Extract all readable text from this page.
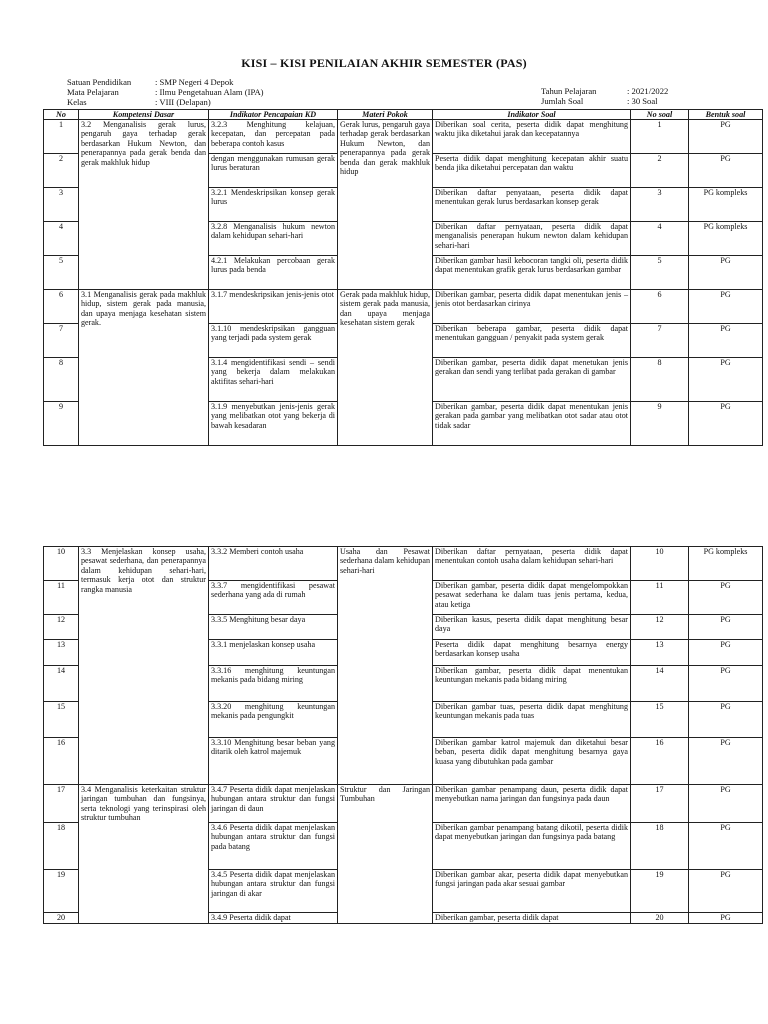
KISI – KISI PENILAIAN AKHIR SEMESTER (PAS)
Satuan Pendidikan	: SMP Negeri 4 Depok
Mata Pelajaran	: Ilmu Pengetahuan Alam (IPA)
Kelas	: VIII (Delapan)
Tahun Pelajaran	: 2021/2022
Jumlah Soal	: 30 Soal
No	Kompetensi Dasar	Indikator Pencapaian KD	Materi Pokok	Indikator Soal	No soal	Bentuk soal
1	3.2 Menganalisis gerak lurus, pengaruh gaya terhadap gerak berdasarkan Hukum Newton, dan penerapannya pada gerak benda dan gerak makhluk hidup	3.2.3 Menghitung kelajuan, kecepatan, dan percepatan pada beberapa contoh kasus	Gerak lurus, pengaruh gaya terhadap gerak berdasarkan Hukum Newton, dan penerapannya pada gerak benda dan gerak makhluk hidup	Diberikan soal cerita, peserta didik dapat menghitung waktu jika diketahui jarak dan kecepatannya	1	PG
2		dengan menggunakan rumusan gerak lurus beraturan		Peserta didik dapat menghitung kecepatan akhir suatu benda jika diketahui percepatan dan waktu	2	PG
3		3.2.1 Mendeskripsikan konsep gerak lurus		Diberikan daftar penyataan, peserta didik dapat menentukan gerak lurus berdasarkan konsep gerak	3	PG kompleks
4		3.2.8 Menganalisis hukum newton dalam kehidupan sehari-hari		Diberikan daftar pernyataan, peserta didik dapat menganalisis penerapan hukum newton dalam kehidupan sehari-hari	4	PG kompleks
5		4.2.1 Melakukan percobaan gerak lurus pada benda		Diberikan gambar hasil kebocoran tangki oli, peserta didik dapat menentukan grafik gerak lurus berdasarkan gambar	5	PG
6	3.1 Menganalisis gerak pada makhluk hidup, sistem gerak pada manusia, dan upaya menjaga kesehatan sistem gerak.	3.1.7 mendeskripsikan jenis-jenis otot	Gerak pada makhluk hidup, sistem gerak pada manusia, dan upaya menjaga kesehatan sistem gerak	Diberikan gambar, peserta didik dapat menentukan jenis – jenis otot berdasarkan cirinya	6	PG
7		3.1.10 mendeskripsikan gangguan yang terjadi pada system gerak		Diberikan beberapa gambar, peserta didik dapat menentukan gangguan / penyakit pada system gerak	7	PG
8		3.1.4 mengidentifikasi sendi – sendi yang bekerja dalam melakukan aktifitas sehari-hari		Diberikan gambar, peserta didik dapat menetukan jenis gerakan dan sendi yang terlibat pada gerakan di gambar	8	PG
9		3.1.9 menyebutkan jenis-jenis gerak yang melibatkan otot yang bekerja di bawah kesadaran		Diberikan gambar, peserta didik dapat menentukan jenis gerakan pada gambar yang melibatkan otot sadar atau otot tidak sadar	9	PG
10	3.3 Menjelaskan konsep usaha, pesawat sederhana, dan penerapannya dalam kehidupan sehari-hari, termasuk kerja otot dan struktur rangka manusia	3.3.2 Memberi contoh usaha	Usaha dan Pesawat sederhana dalam kehidupan sehari-hari	Diberikan daftar pernyataan, peserta didik dapat menentukan contoh usaha dalam kehidupan sehari-hari	10	PG kompleks
11		3.3.7 mengidentifikasi pesawat sederhana yang ada di rumah		Diberikan gambar, peserta didik dapat mengelompokkan pesawat sederhana ke dalam tuas jenis pertama, kedua, atau ketiga	11	PG
12		3.3.5 Menghitung besar daya		Diberikan kasus, peserta didik dapat menghitung besar daya	12	PG
13		3.3.1 menjelaskan konsep usaha		Peserta didik dapat menghitung besarnya energy berdasarkan konsep usaha	13	PG
14		3.3.16 menghitung keuntungan mekanis pada bidang miring		Diberikan gambar, peserta didik dapat menentukan keuntungan mekanis pada bidang miring	14	PG
15		3.3.20 menghitung keuntungan mekanis pada pengungkit		Diberikan gambar tuas, peserta didik dapat menghitung keuntungan mekanis pada tuas	15	PG
16		3.3.10 Menghitung besar beban yang ditarik oleh katrol majemuk		Diberikan gambar katrol majemuk dan diketahui besar beban, peserta didik dapat menghitung besarnya gaya kuasa yang dibutuhkan pada gambar	16	PG
17	3.4 Menganalisis keterkaitan struktur jaringan tumbuhan dan fungsinya, serta teknologi yang terinspirasi oleh struktur tumbuhan	3.4.7 Peserta didik dapat menjelaskan hubungan antara struktur dan fungsi jaringan di daun	Struktur dan Jaringan Tumbuhan	Diberikan gambar penampang daun, peserta didik dapat menyebutkan nama jaringan dan fungsinya pada daun	17	PG
18		3.4.6 Peserta didik dapat menjelaskan hubungan antara struktur dan fungsi pada batang		Diberikan gambar penampang batang dikotil, peserta didik dapat menyebutkan jaringan dan fungsinya pada batang	18	PG
19		3.4.5 Peserta didik dapat menjelaskan hubungan antara struktur dan fungsi jaringan di akar		Diberikan gambar akar, peserta didik dapat menyebutkan fungsi jaringan pada akar sesuai gambar	19	PG
20		3.4.9 Peserta didik dapat		Diberikan gambar, peserta didik dapat	20	PG
